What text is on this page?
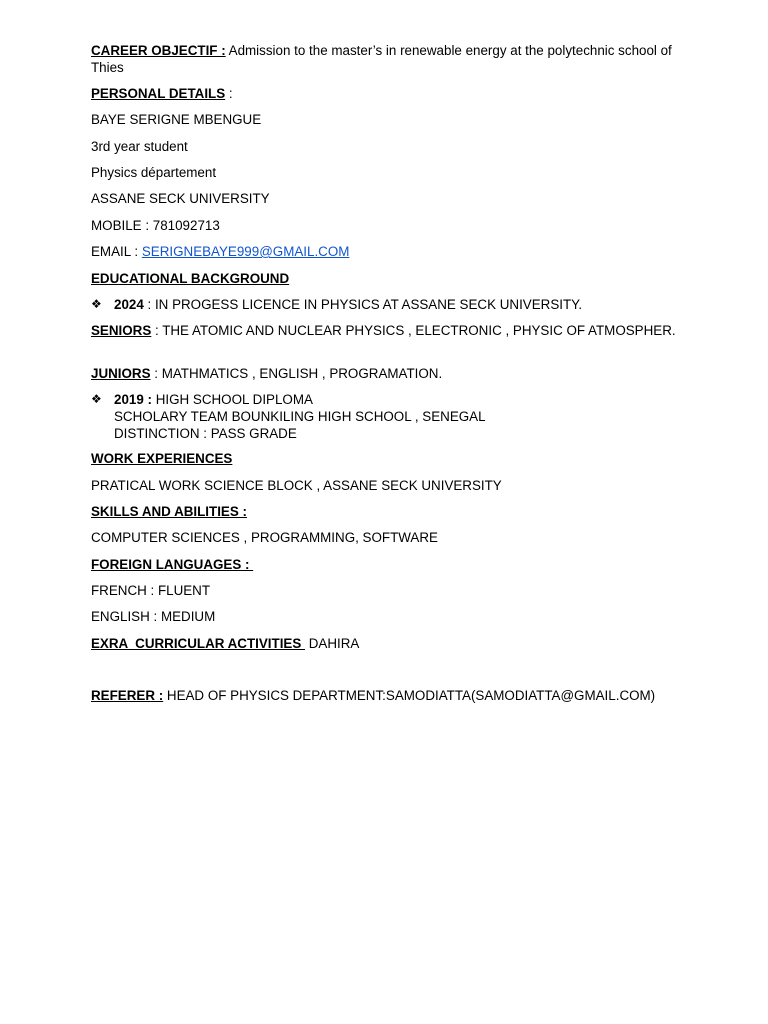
CAREER OBJECTIF : Admission to the master’s in renewable energy at the polytechnic school of Thies

PERSONAL DETAILS :

BAYE SERIGNE MBENGUE

3rd year student

Physics département

ASSANE SECK UNIVERSITY

MOBILE : 781092713

EMAIL : SERIGNEBAYE999@GMAIL.COM

EDUCATIONAL BACKGROUND

❖ 2024 : IN PROGESS LICENCE IN PHYSICS AT ASSANE SECK UNIVERSITY.

SENIORS : THE ATOMIC AND NUCLEAR PHYSICS , ELECTRONIC , PHYSIC OF ATMOSPHER.

JUNIORS : MATHMATICS , ENGLISH , PROGRAMATION.

❖ 2019 : HIGH SCHOOL DIPLOMA
SCHOLARY TEAM BOUNKILING HIGH SCHOOL , SENEGAL
DISTINCTION : PASS GRADE

WORK EXPERIENCES

PRATICAL WORK SCIENCE BLOCK , ASSANE SECK UNIVERSITY

SKILLS AND ABILITIES :

COMPUTER SCIENCES , PROGRAMMING, SOFTWARE

FOREIGN LANGUAGES :

FRENCH : FLUENT

ENGLISH : MEDIUM

EXRA  CURRICULAR ACTIVITIES  DAHIRA

REFERER : HEAD OF PHYSICS DEPARTMENT:SAMODIATTA(SAMODIATTA@GMAIL.COM)
